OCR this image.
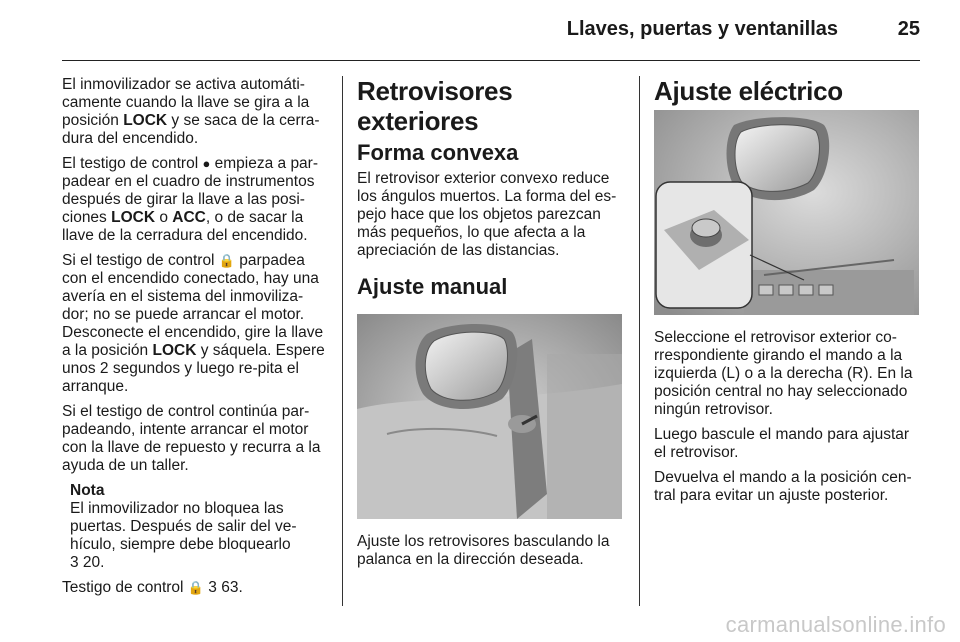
Llaves, puertas y ventanillas	25

El inmovilizador se activa automáti-camente cuando la llave se gira a la posición LOCK y se saca de la cerra-dura del encendido.

El testigo de control ● empieza a par-padear en el cuadro de instrumentos después de girar la llave a las posi-ciones LOCK o ACC, o de sacar la llave de la cerradura del encendido.

Si el testigo de control 🔒 parpadea con el encendido conectado, hay una avería en el sistema del inmoviliza-dor; no se puede arrancar el motor. Desconecte el encendido, gire la llave a la posición LOCK y sáquela. Espere unos 2 segundos y luego re-pita el arranque.

Si el testigo de control continúa par-padeando, intente arrancar el motor con la llave de repuesto y recurra a la ayuda de un taller.

Nota
El inmovilizador no bloquea las puertas. Después de salir del ve-hículo, siempre debe bloquearlo
3 20.

Testigo de control 🔒 3 63.

Retrovisores exteriores
Forma convexa

El retrovisor exterior convexo reduce los ángulos muertos. La forma del es-pejo hace que los objetos parezcan más pequeños, lo que afecta a la apreciación de las distancias.

Ajuste manual

Ajuste los retrovisores basculando la palanca en la dirección deseada.

Ajuste eléctrico

Seleccione el retrovisor exterior co-rrespondiente girando el mando a la izquierda (L) o a la derecha (R). En la posición central no hay seleccionado ningún retrovisor.

Luego bascule el mando para ajustar el retrovisor.

Devuelva el mando a la posición cen-tral para evitar un ajuste posterior.

carmanualsonline.info
